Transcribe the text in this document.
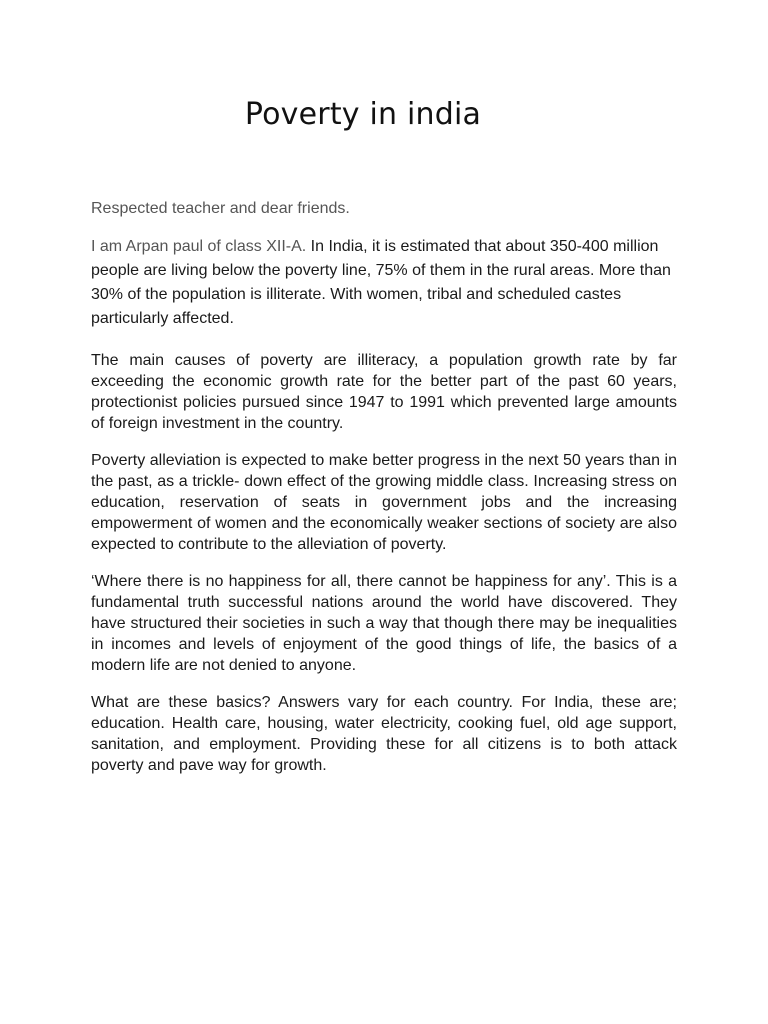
Poverty in india

Respected teacher and dear friends.

I am Arpan paul of class XII-A. In India, it is estimated that about 350-400 million people are living below the poverty line, 75% of them in the rural areas. More than 30% of the population is illiterate. With women, tribal and scheduled castes particularly affected.

The main causes of poverty are illiteracy, a population growth rate by far exceeding the economic growth rate for the better part of the past 60 years, protectionist policies pursued since 1947 to 1991 which prevented large amounts of foreign investment in the country.

Poverty alleviation is expected to make better progress in the next 50 years than in the past, as a trickle- down effect of the growing middle class. Increasing stress on education, reservation of seats in government jobs and the increasing empowerment of women and the economically weaker sections of society are also expected to contribute to the alleviation of poverty.

‘Where there is no happiness for all, there cannot be happiness for any’. This is a fundamental truth successful nations around the world have discovered. They have structured their societies in such a way that though there may be inequalities in incomes and levels of enjoyment of the good things of life, the basics of a modern life are not denied to anyone.

What are these basics? Answers vary for each country. For India, these are; education. Health care, housing, water electricity, cooking fuel, old age support, sanitation, and employment. Providing these for all citizens is to both attack poverty and pave way for growth.
